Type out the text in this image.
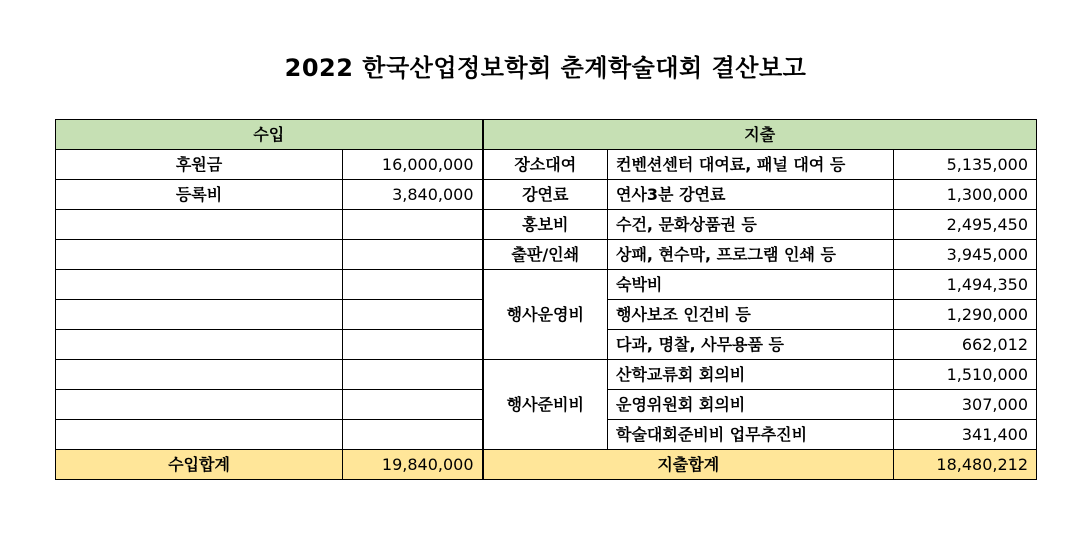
2022 한국산업정보학회 춘계학술대회 결산보고
수입		지출		
후원금	16,000,000	장소대여	컨벤션센터 대여료, 패널 대여 등	5,135,000
등록비	3,840,000	강연료	연사3분 강연료	1,300,000
		홍보비	수건, 문화상품권 등	2,495,450
		출판/인쇄	상패, 현수막, 프로그램 인쇄 등	3,945,000
		행사운영비	숙박비	1,494,350
			행사보조 인건비 등	1,290,000
			다과, 명찰, 사무용품 등	662,012
		행사준비비	산학교류회 회의비	1,510,000
			운영위원회 회의비	307,000
			학술대회준비비 업무추진비	341,400
수입합계	19,840,000	지출합계		18,480,212
